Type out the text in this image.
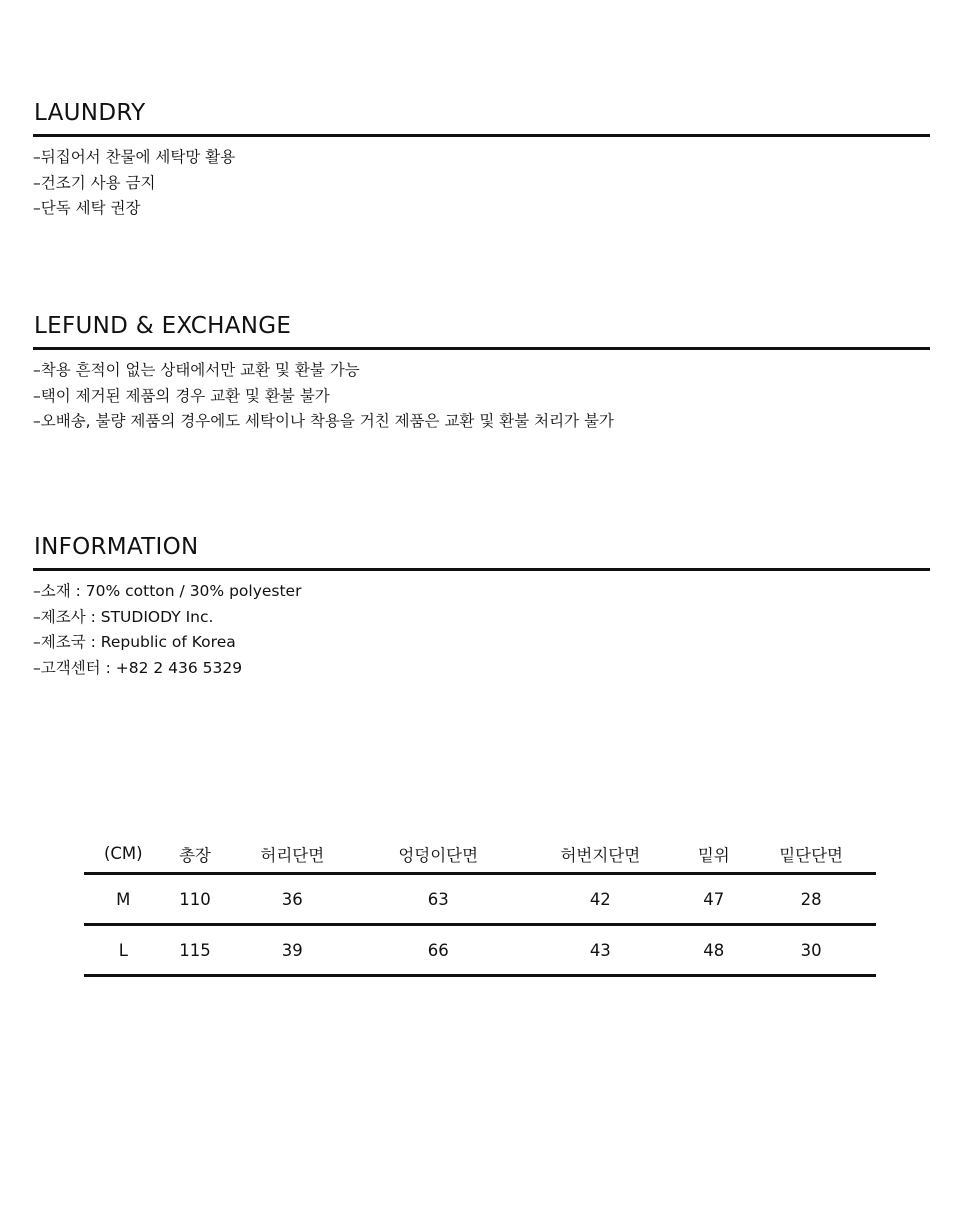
LAUNDRY
– 뒤집어서 찬물에 세탁망 활용
– 건조기 사용 금지
– 단독 세탁 권장
LEFUND & EXCHANGE
– 착용 흔적이 없는 상태에서만 교환 및 환불 가능
– 택이 제거된 제품의 경우 교환 및 환불 불가
– 오배송, 불량 제품의 경우에도 세탁이나 착용을 거친 제품은 교환 및 환불 처리가 불가
INFORMATION
– 소재 : 70% cotton / 30% polyester
– 제조사 : STUDIODY Inc.
– 제조국 : Republic of Korea
– 고객센터 : +82 2 436 5329
(CM)	총장	허리단면	엉덩이단면	허번지단면	밑위	밑단단면
M	110	36	63	42	47	28
L	115	39	66	43	48	30
